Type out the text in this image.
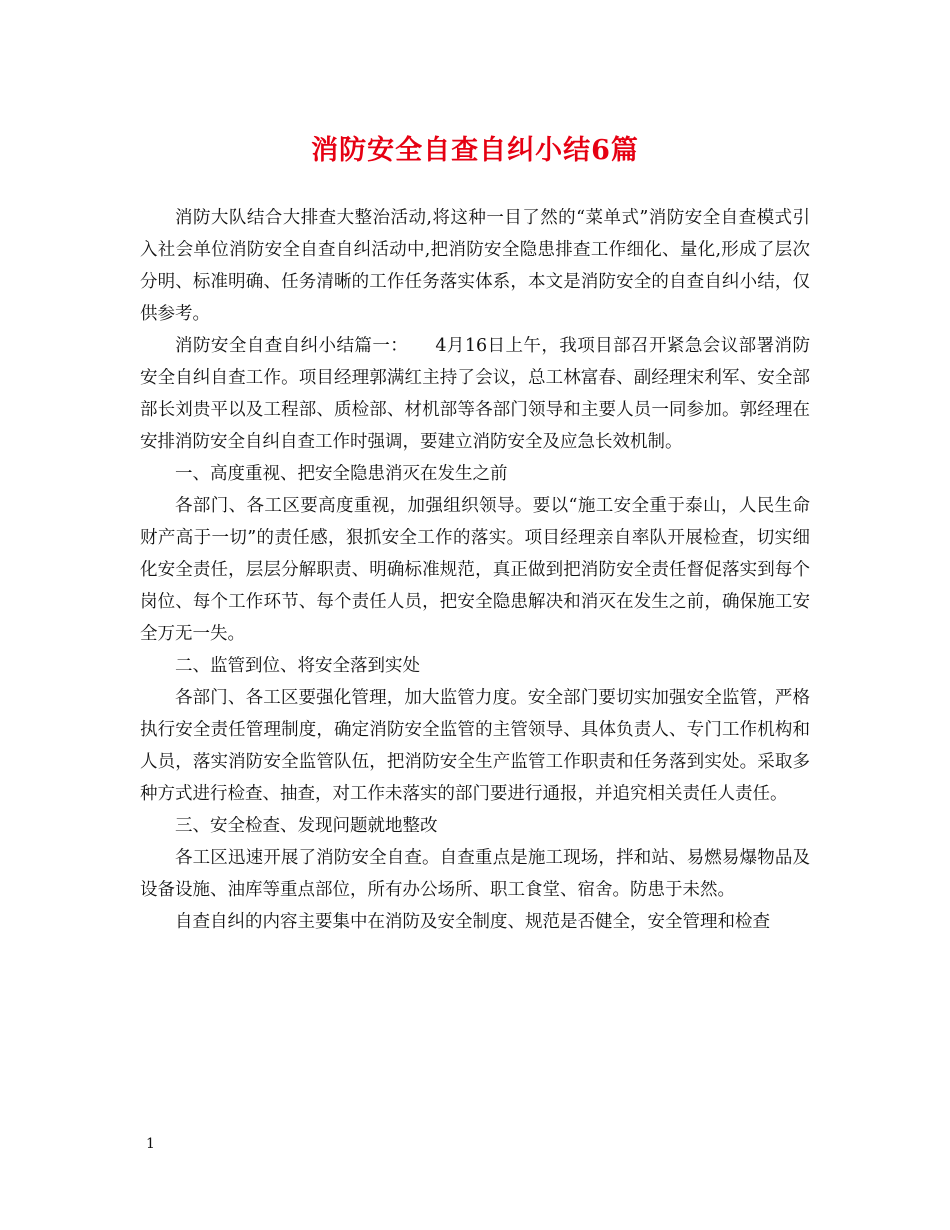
消防安全自查自纠小结6篇

消防大队结合大排查大整治活动,将这种一目了然的“菜单式”消防安全自查模式引入社会单位消防安全自查自纠活动中,把消防安全隐患排查工作细化、量化,形成了层次分明、标准明确、任务清晰的工作任务落实体系，本文是消防安全的自查自纠小结，仅供参考。

消防安全自查自纠小结篇一：　　4月16日上午，我项目部召开紧急会议部署消防安全自纠自查工作。项目经理郭满红主持了会议，总工林富春、副经理宋利军、安全部部长刘贵平以及工程部、质检部、材机部等各部门领导和主要人员一同参加。郭经理在安排消防安全自纠自查工作时强调，要建立消防安全及应急长效机制。

一、高度重视、把安全隐患消灭在发生之前

各部门、各工区要高度重视，加强组织领导。要以“施工安全重于泰山，人民生命财产高于一切”的责任感，狠抓安全工作的落实。项目经理亲自率队开展检查，切实细化安全责任，层层分解职责、明确标准规范，真正做到把消防安全责任督促落实到每个岗位、每个工作环节、每个责任人员，把安全隐患解决和消灭在发生之前，确保施工安全万无一失。

二、监管到位、将安全落到实处

各部门、各工区要强化管理，加大监管力度。安全部门要切实加强安全监管，严格执行安全责任管理制度，确定消防安全监管的主管领导、具体负责人、专门工作机构和人员，落实消防安全监管队伍，把消防安全生产监管工作职责和任务落到实处。采取多种方式进行检查、抽查，对工作未落实的部门要进行通报，并追究相关责任人责任。

三、安全检查、发现问题就地整改

各工区迅速开展了消防安全自查。自查重点是施工现场，拌和站、易燃易爆物品及设备设施、油库等重点部位，所有办公场所、职工食堂、宿舍。防患于未然。

自查自纠的内容主要集中在消防及安全制度、规范是否健全，安全管理和检查

1
